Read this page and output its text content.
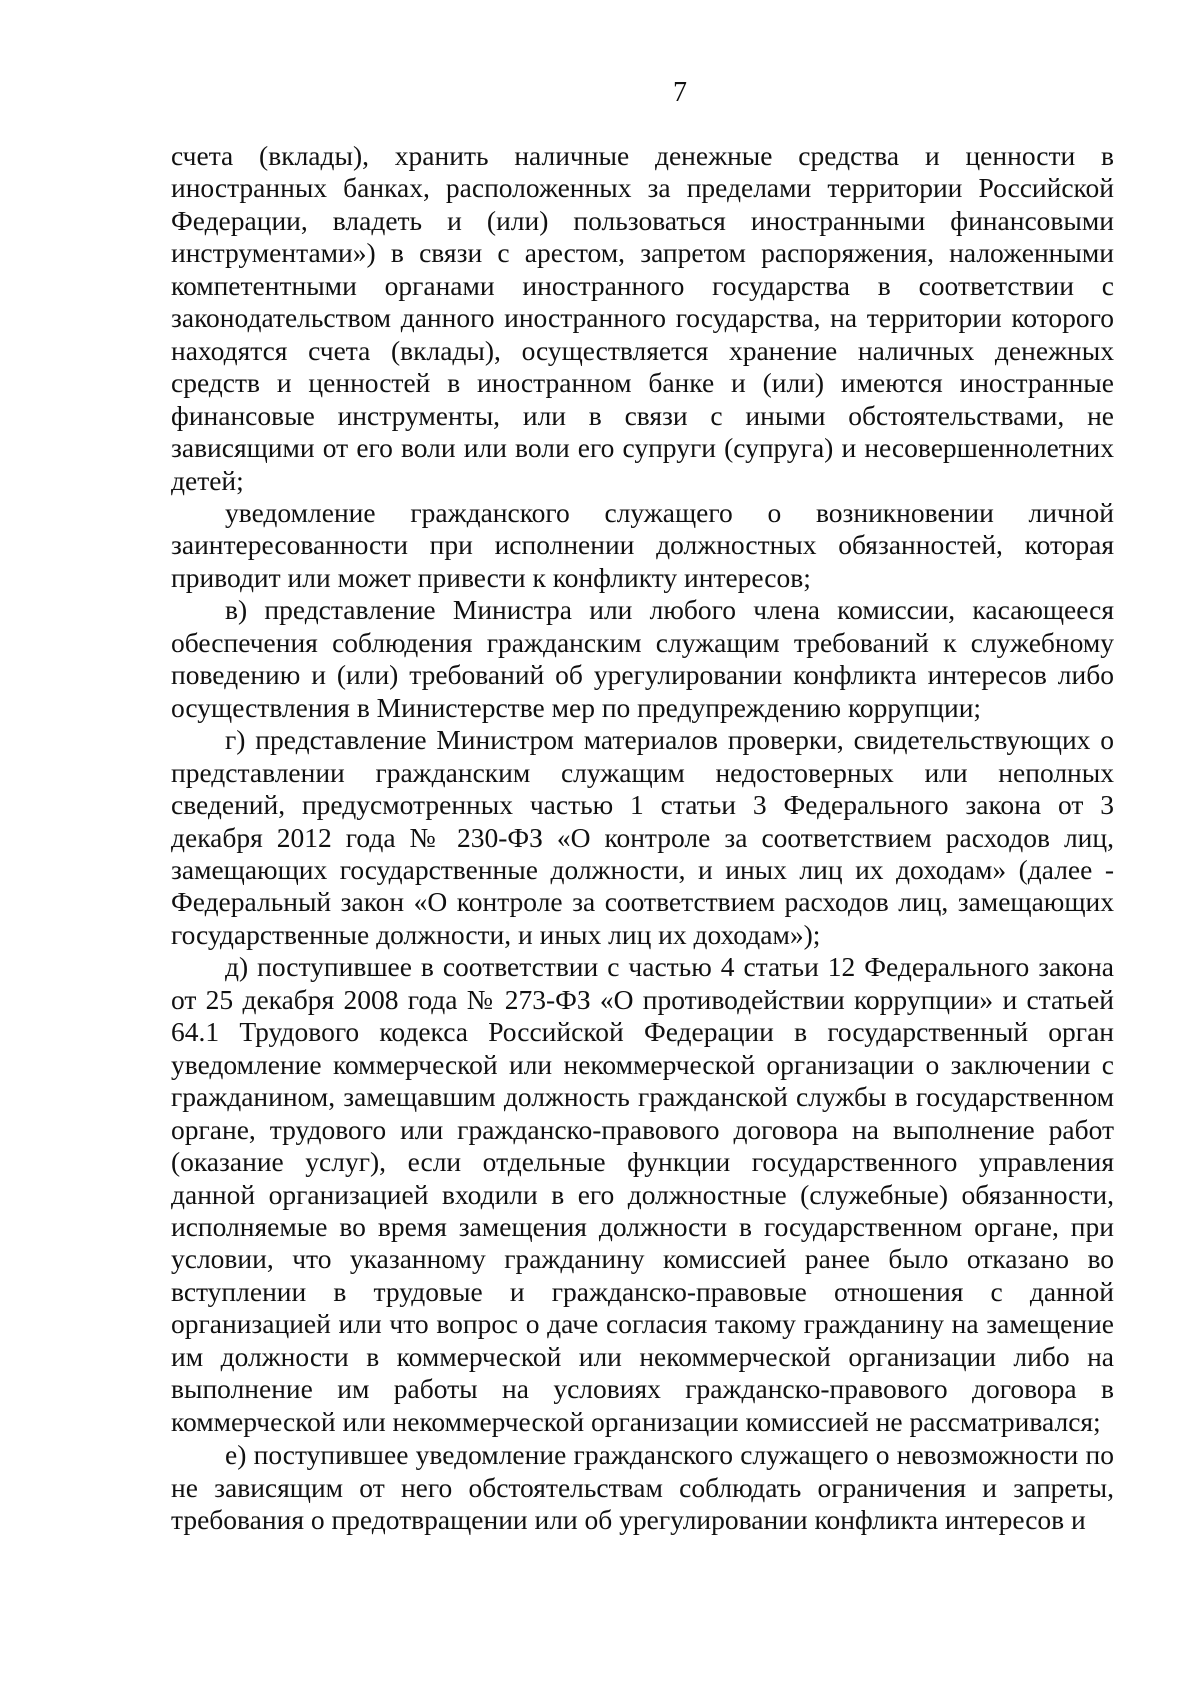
7

счета (вклады), хранить наличные денежные средства и ценности в иностранных банках, расположенных за пределами территории Российской Федерации, владеть и (или) пользоваться иностранными финансовыми инструментами») в связи с арестом, запретом распоряжения, наложенными компетентными органами иностранного государства в соответствии с законодательством данного иностранного государства, на территории которого находятся счета (вклады), осуществляется хранение наличных денежных средств и ценностей в иностранном банке и (или) имеются иностранные финансовые инструменты, или в связи с иными обстоятельствами, не зависящими от его воли или воли его супруги (супруга) и несовершеннолетних детей;

уведомление гражданского служащего о возникновении личной заинтересованности при исполнении должностных обязанностей, которая приводит или может привести к конфликту интересов;

в) представление Министра или любого члена комиссии, касающееся обеспечения соблюдения гражданским служащим требований к служебному поведению и (или) требований об урегулировании конфликта интересов либо осуществления в Министерстве мер по предупреждению коррупции;

г) представление Министром материалов проверки, свидетельствующих о представлении гражданским служащим недостоверных или неполных сведений, предусмотренных частью 1 статьи 3 Федерального закона от 3 декабря 2012 года № 230-ФЗ «О контроле за соответствием расходов лиц, замещающих государственные должности, и иных лиц их доходам» (далее - Федеральный закон «О контроле за соответствием расходов лиц, замещающих государственные должности, и иных лиц их доходам»);

д) поступившее в соответствии с частью 4 статьи 12 Федерального закона от 25 декабря 2008 года № 273-ФЗ «О противодействии коррупции» и статьей 64.1 Трудового кодекса Российской Федерации в государственный орган уведомление коммерческой или некоммерческой организации о заключении с гражданином, замещавшим должность гражданской службы в государственном органе, трудового или гражданско-правового договора на выполнение работ (оказание услуг), если отдельные функции государственного управления данной организацией входили в его должностные (служебные) обязанности, исполняемые во время замещения должности в государственном органе, при условии, что указанному гражданину комиссией ранее было отказано во вступлении в трудовые и гражданско-правовые отношения с данной организацией или что вопрос о даче согласия такому гражданину на замещение им должности в коммерческой или некоммерческой организации либо на выполнение им работы на условиях гражданско-правового договора в коммерческой или некоммерческой организации комиссией не рассматривался;

е) поступившее уведомление гражданского служащего о невозможности по не зависящим от него обстоятельствам соблюдать ограничения и запреты, требования о предотвращении или об урегулировании конфликта интересов и
